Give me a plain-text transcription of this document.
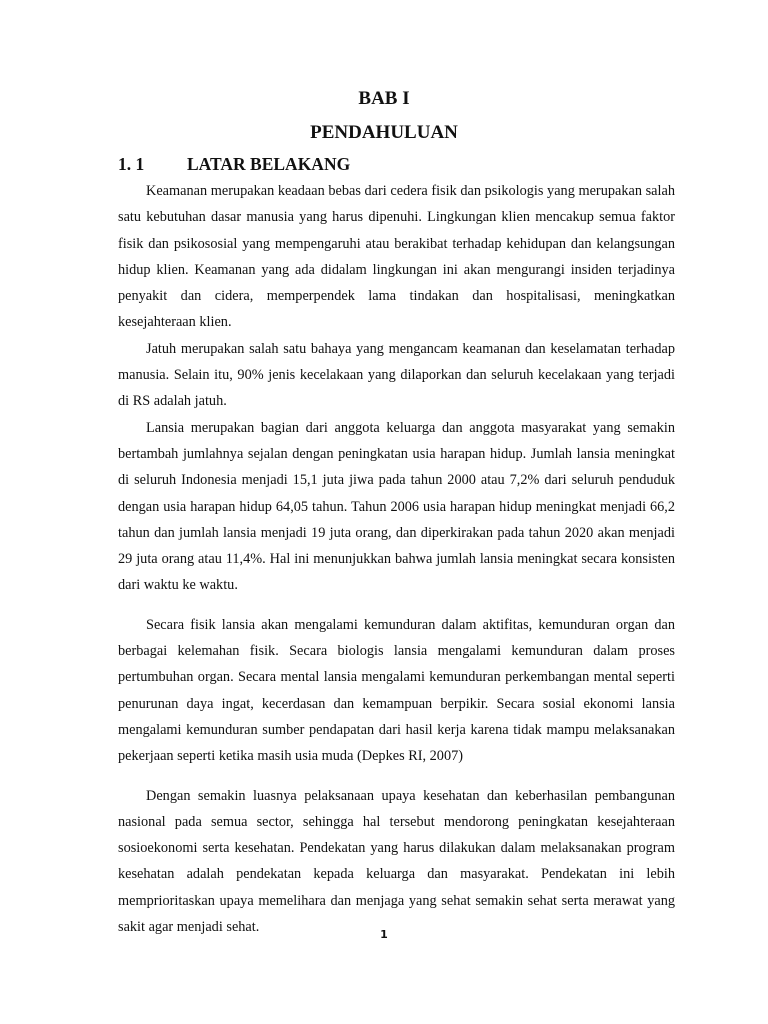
BAB I
PENDAHULUAN
1. 1 LATAR BELAKANG

Keamanan merupakan keadaan bebas dari cedera fisik dan psikologis yang merupakan salah satu kebutuhan dasar manusia yang harus dipenuhi. Lingkungan klien mencakup semua faktor fisik dan psikososial yang mempengaruhi atau berakibat terhadap kehidupan dan kelangsungan hidup klien. Keamanan yang ada didalam lingkungan ini akan mengurangi insiden terjadinya penyakit dan cidera, memperpendek lama tindakan dan hospitalisasi, meningkatkan kesejahteraan klien.

Jatuh merupakan salah satu bahaya yang mengancam keamanan dan keselamatan terhadap manusia. Selain itu, 90% jenis kecelakaan yang dilaporkan dan seluruh kecelakaan yang terjadi di RS adalah jatuh.

Lansia merupakan bagian dari anggota keluarga dan anggota masyarakat yang semakin bertambah jumlahnya sejalan dengan peningkatan usia harapan hidup. Jumlah lansia meningkat di seluruh Indonesia menjadi 15,1 juta jiwa pada tahun 2000 atau 7,2% dari seluruh penduduk dengan usia harapan hidup 64,05 tahun. Tahun 2006 usia harapan hidup meningkat menjadi 66,2 tahun dan jumlah lansia menjadi 19 juta orang, dan diperkirakan pada tahun 2020 akan menjadi 29 juta orang atau 11,4%. Hal ini menunjukkan bahwa jumlah lansia meningkat secara konsisten dari waktu ke waktu.

Secara fisik lansia akan mengalami kemunduran dalam aktifitas, kemunduran organ dan berbagai kelemahan fisik. Secara biologis lansia mengalami kemunduran dalam proses pertumbuhan organ. Secara mental lansia mengalami kemunduran perkembangan mental seperti penurunan daya ingat, kecerdasan dan kemampuan berpikir. Secara sosial ekonomi lansia mengalami kemunduran sumber pendapatan dari hasil kerja karena tidak mampu melaksanakan pekerjaan seperti ketika masih usia muda (Depkes RI, 2007)

Dengan semakin luasnya pelaksanaan upaya kesehatan dan keberhasilan pembangunan nasional pada semua sector, sehingga hal tersebut mendorong peningkatan kesejahteraan sosioekonomi serta kesehatan. Pendekatan yang harus dilakukan dalam melaksanakan program kesehatan adalah pendekatan kepada keluarga dan masyarakat. Pendekatan ini lebih memprioritaskan upaya memelihara dan menjaga yang sehat semakin sehat serta merawat yang sakit agar menjadi sehat.	1
